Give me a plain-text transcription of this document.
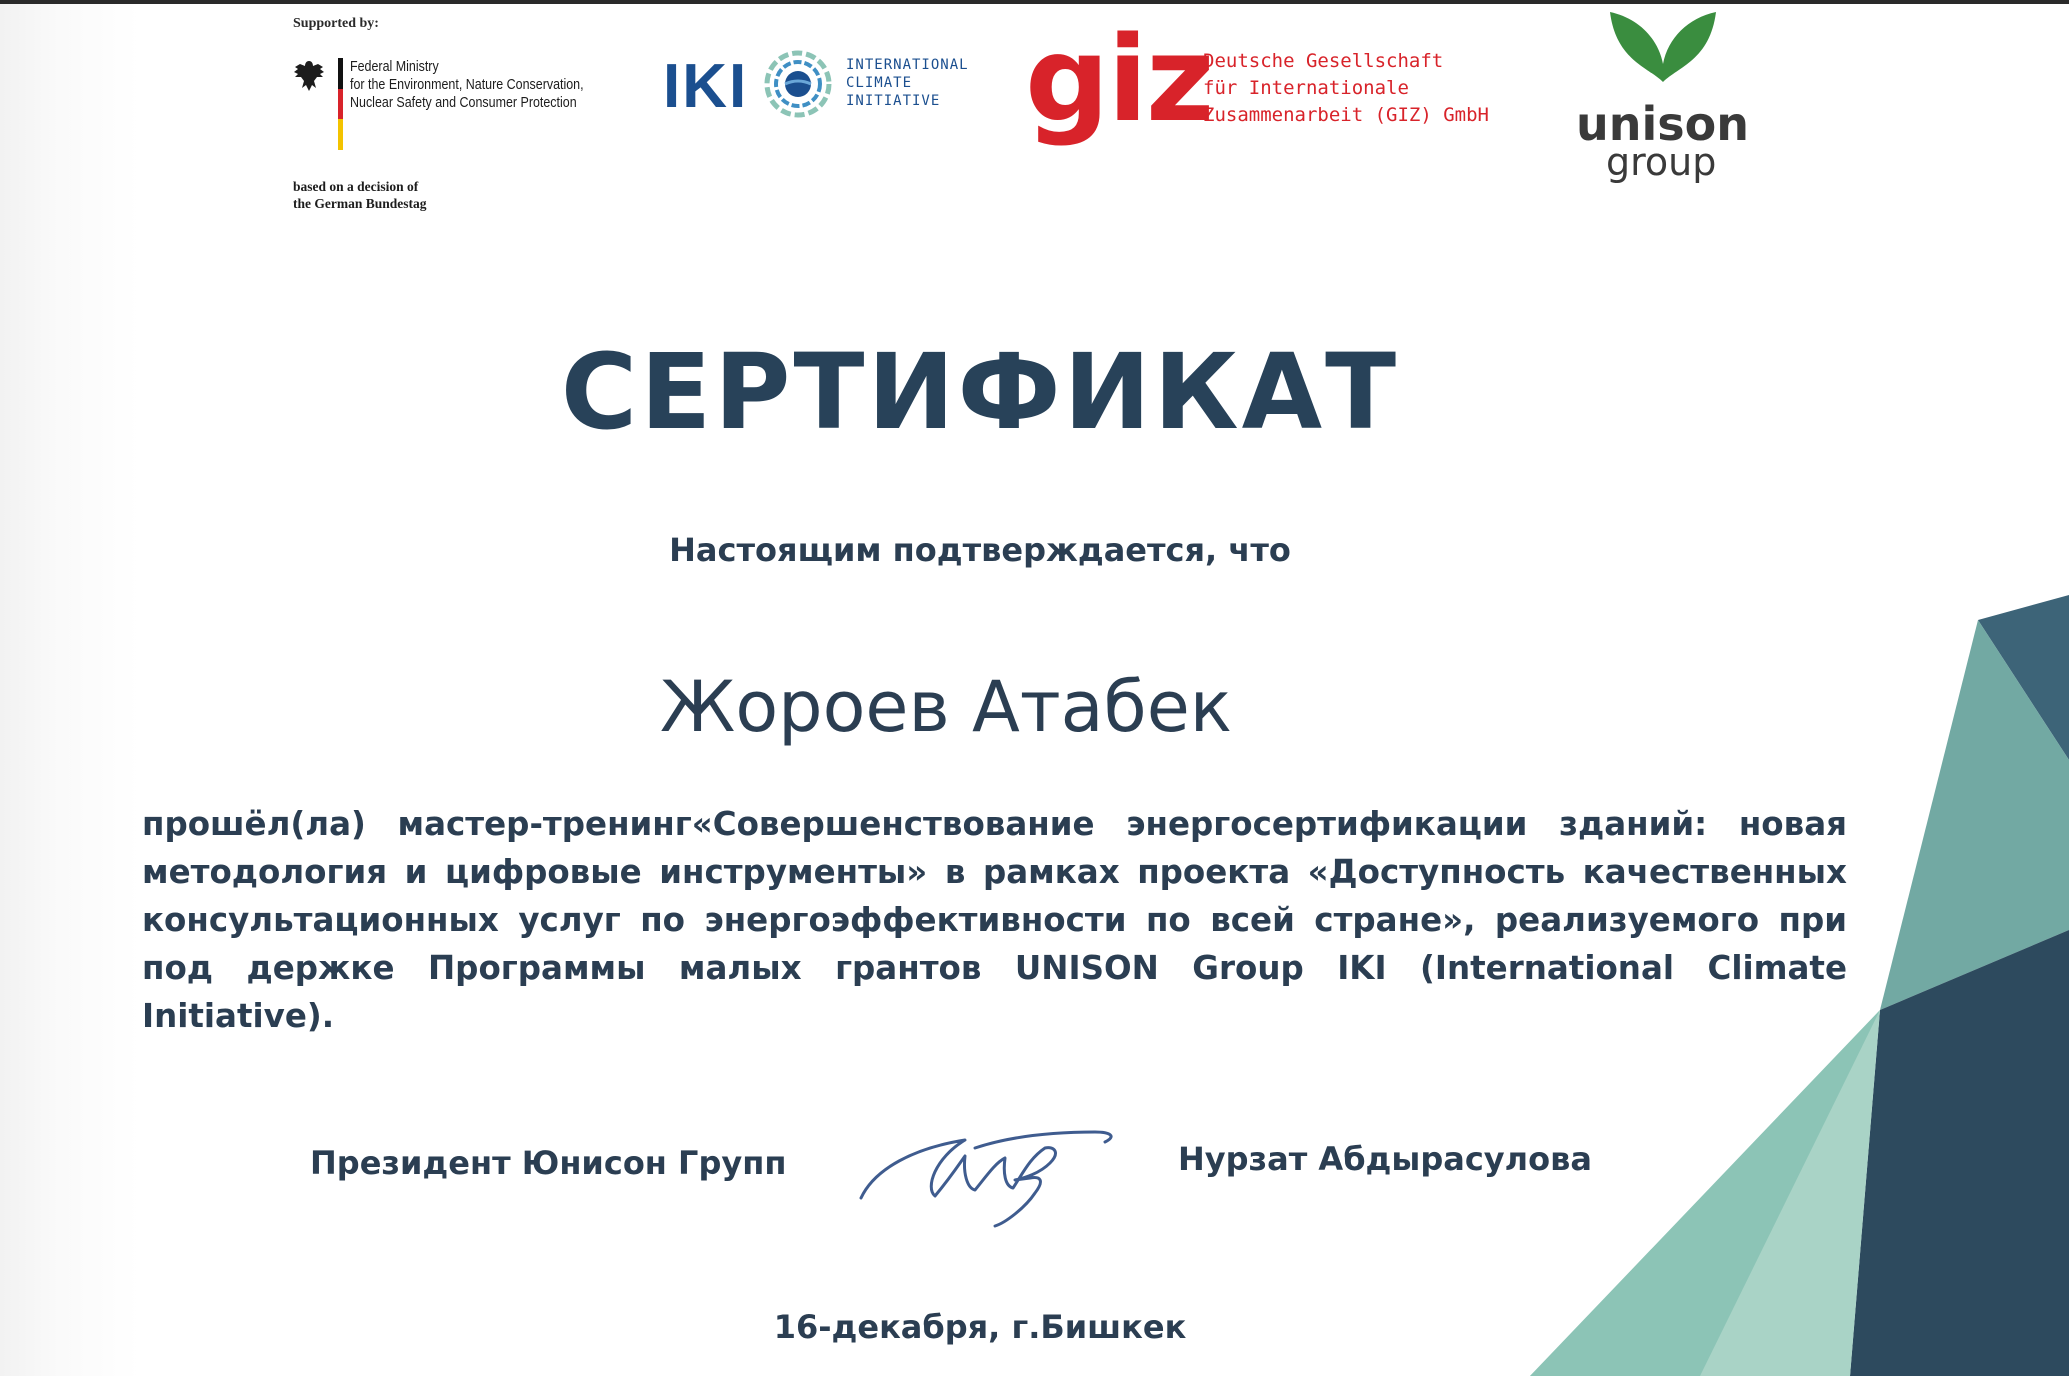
Supported by:
Federal Ministry
for the Environment, Nature Conservation,
Nuclear Safety and Consumer Protection
based on a decision of
the German Bundestag
IKI	INTERNATIONAL
CLIMATE
INITIATIVE giz
Deutsche Gesellschaft
für Internationale
Zusammenarbeit (GIZ) GmbH unison
group
СЕРТИФИКАТ
Настоящим подтверждается, что
Жороев Атабек
прошёл(ла) мастер-тренинг«Совершенствование энергосертификации зданий: новая методология и цифровые инструменты» в рамках проекта «Доступность качественных консультационных услуг по энергоэффективности по всей стране», реализуемого при под держке Программы малых грантов UNISON Group IKI (International Climate Initiative).
Президент Юнисон Групп	Нурзат Абдырасулова
16-декабря, г.Бишкек
